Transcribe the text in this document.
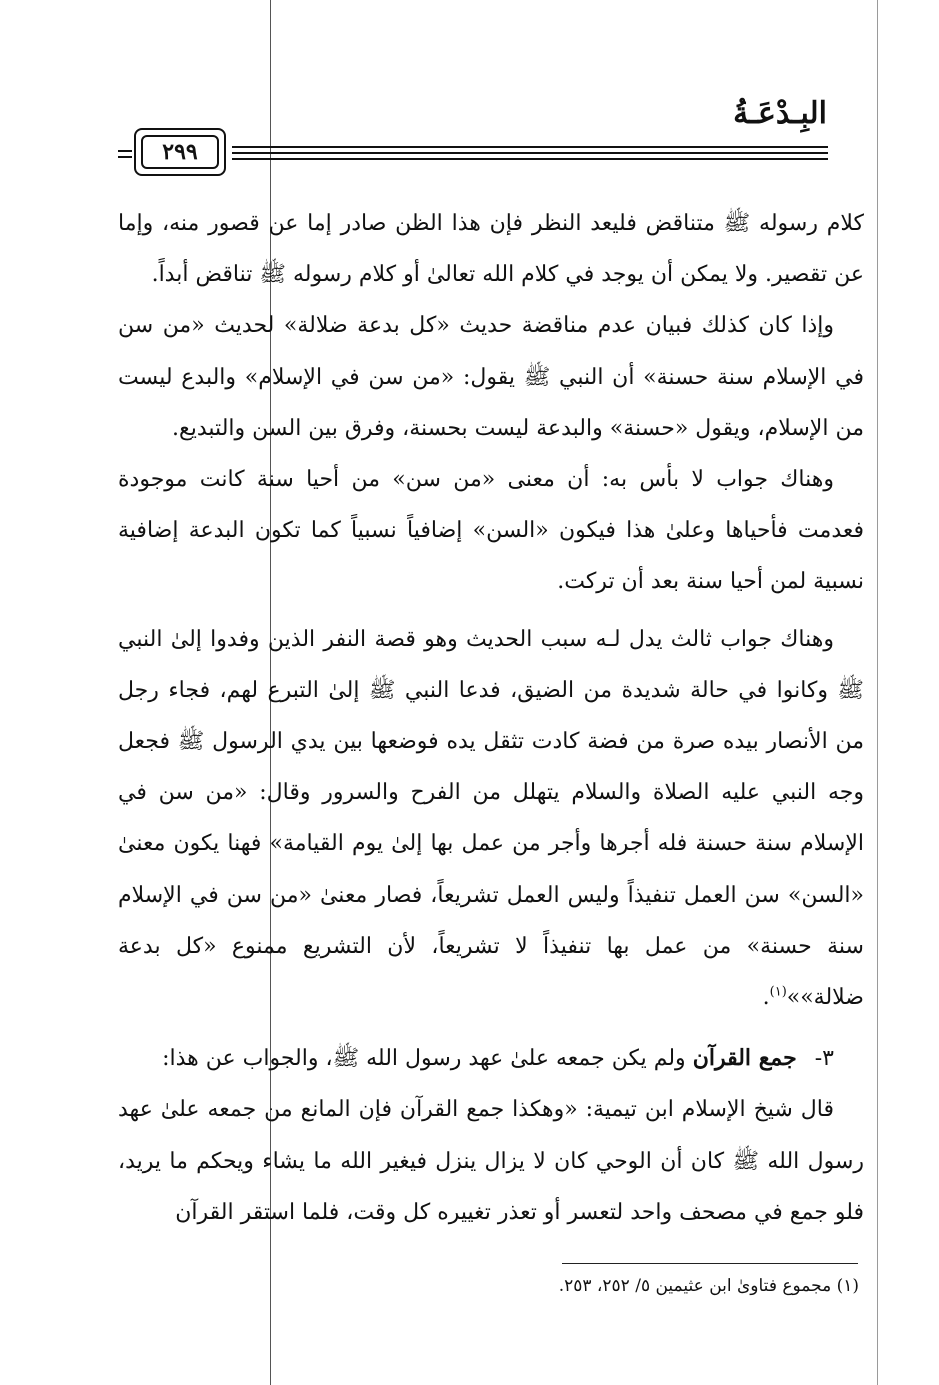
البِـدْعَـةُ
٢٩٩

كلام رسوله ﷺ متناقض فليعد النظر فإن هذا الظن صادر إما عن قصور منه، وإما عن تقصير. ولا يمكن أن يوجد في كلام الله تعالىٰ أو كلام رسوله ﷺ تناقض أبداً.

وإذا كان كذلك فبيان عدم مناقضة حديث «كل بدعة ضلالة» لحديث «من سن في الإسلام سنة حسنة» أن النبي ﷺ يقول: «من سن في الإسلام» والبدع ليست من الإسلام، ويقول «حسنة» والبدعة ليست بحسنة، وفرق بين السن والتبديع.

وهناك جواب لا بأس به: أن معنى «من سن» من أحيا سنة كانت موجودة فعدمت فأحياها وعلىٰ هذا فيكون «السن» إضافياً نسبياً كما تكون البدعة إضافية نسبية لمن أحيا سنة بعد أن تركت.

وهناك جواب ثالث يدل لـه سبب الحديث وهو قصة النفر الذين وفدوا إلىٰ النبي ﷺ وكانوا في حالة شديدة من الضيق، فدعا النبي ﷺ إلىٰ التبرع لهم، فجاء رجل من الأنصار بيده صرة من فضة كادت تثقل يده فوضعها بين يدي الرسول ﷺ فجعل وجه النبي عليه الصلاة والسلام يتهلل من الفرح والسرور وقال: «من سن في الإسلام سنة حسنة فله أجرها وأجر من عمل بها إلىٰ يوم القيامة» فهنا يكون معنىٰ «السن» سن العمل تنفيذاً وليس العمل تشريعاً، فصار معنىٰ «من سن في الإسلام سنة حسنة» من عمل بها تنفيذاً لا تشريعاً، لأن التشريع ممنوع «كل بدعة ضلالة»»$^{(١)}$.

٣-جمع القرآن ولم يكن جمعه علىٰ عهد رسول الله ﷺ، والجواب عن هذا:

قال شيخ الإسلام ابن تيمية: «وهكذا جمع القرآن فإن المانع من جمعه علىٰ عهد رسول الله ﷺ كان أن الوحي كان لا يزال ينزل فيغير الله ما يشاء ويحكم ما يريد، فلو جمع في مصحف واحد لتعسر أو تعذر تغييره كل وقت، فلما استقر القرآن

(١) مجموع فتاوىٰ ابن عثيمين ٥/ ٢٥٢، ٢٥٣.
